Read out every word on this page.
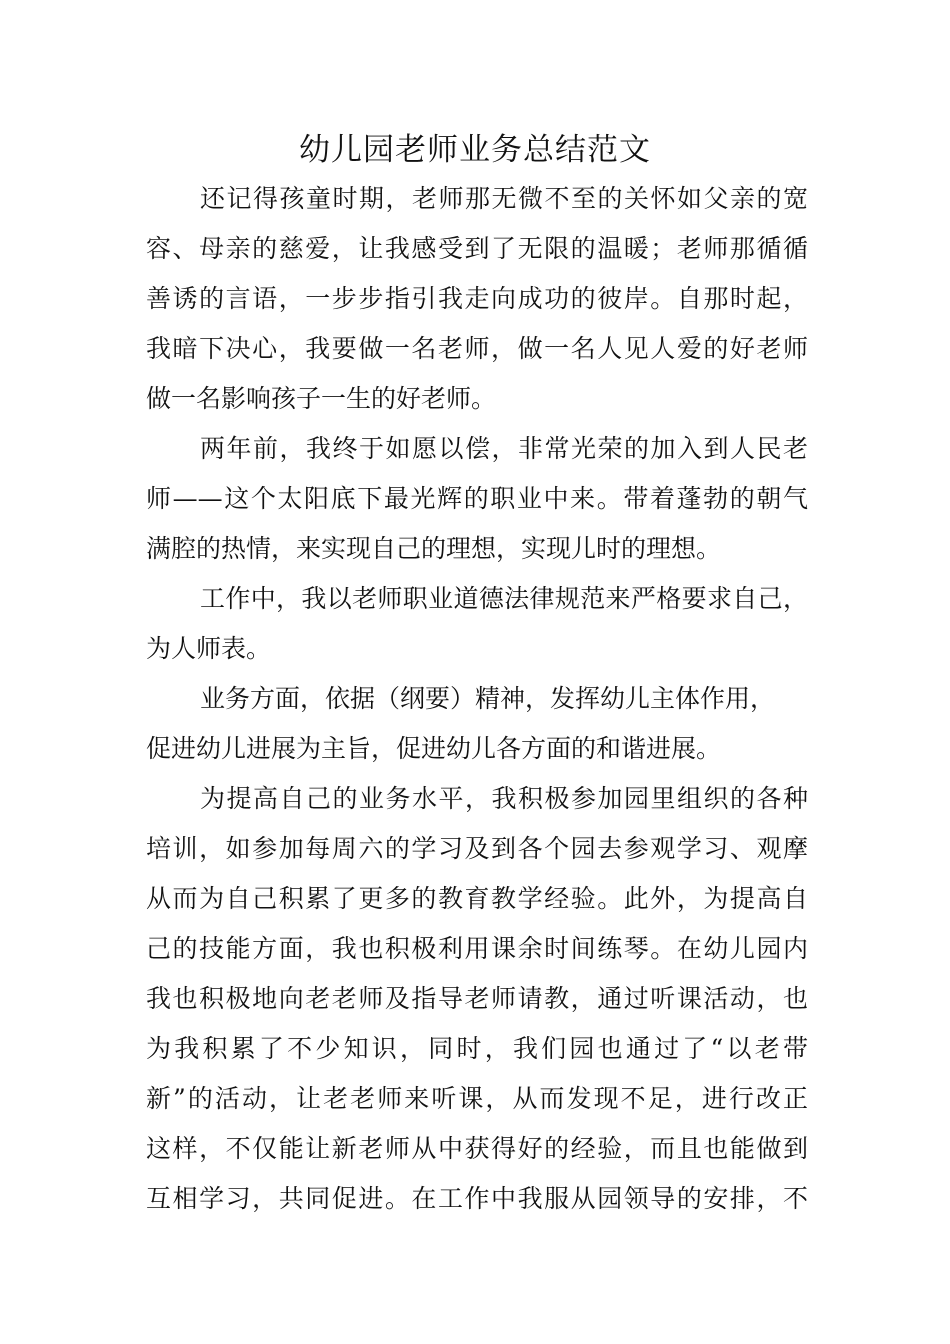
幼儿园老师业务总结范文

还记得孩童时期，老师那无微不至的关怀如父亲的宽
容、母亲的慈爱，让我感受到了无限的温暖；老师那循循
善诱的言语，一步步指引我走向成功的彼岸。自那时起，
我暗下决心，我要做一名老师，做一名人见人爱的好老师
做一名影响孩子一生的好老师。

两年前，我终于如愿以偿，非常光荣的加入到人民老
师——这个太阳底下最光辉的职业中来。带着蓬勃的朝气
满腔的热情，来实现自己的理想，实现儿时的理想。

工作中，我以老师职业道德法律规范来严格要求自己，
为人师表。

业务方面，依据（纲要）精神，发挥幼儿主体作用，
促进幼儿进展为主旨，促进幼儿各方面的和谐进展。

为提高自己的业务水平，我积极参加园里组织的各种
培训，如参加每周六的学习及到各个园去参观学习、观摩
从而为自己积累了更多的教育教学经验。此外，为提高自
己的技能方面，我也积极利用课余时间练琴。在幼儿园内
我也积极地向老老师及指导老师请教，通过听课活动，也
为我积累了不少知识，同时，我们园也通过了“以老带
新”的活动，让老老师来听课，从而发现不足，进行改正
这样，不仅能让新老师从中获得好的经验，而且也能做到
互相学习，共同促进。在工作中我服从园领导的安排，不
